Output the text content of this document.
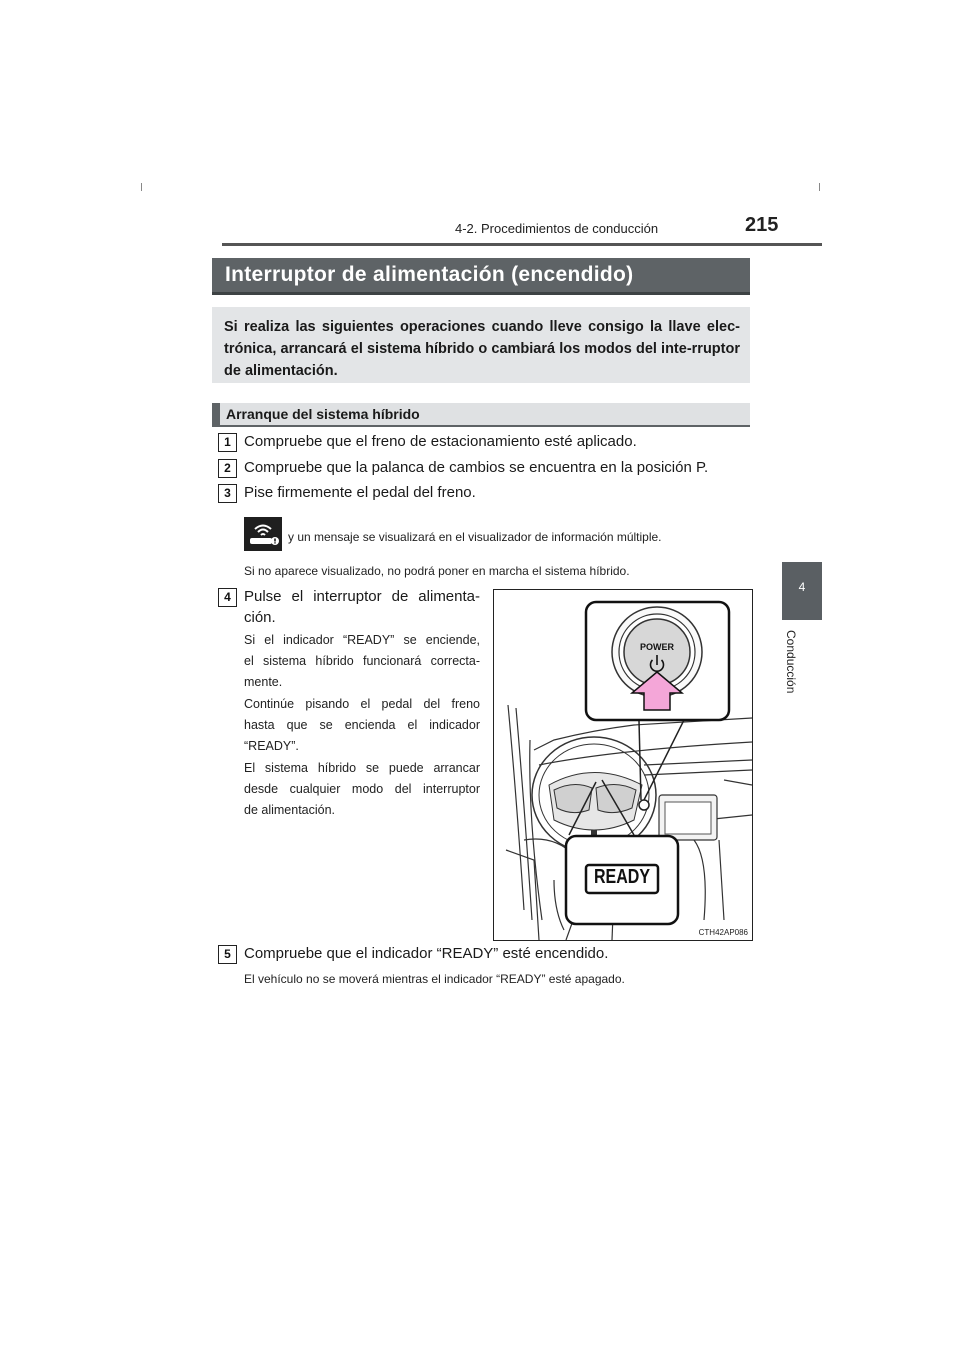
4-2. Procedimientos de conducción	215
4
Conducción
Interruptor de alimentación (encendido)

Si realiza las siguientes operaciones cuando lleve consigo la llave elec-trónica, arrancará el sistema híbrido o cambiará los modos del inte-rruptor de alimentación.

Arranque del sistema híbrido
1 Compruebe que el freno de estacionamiento esté aplicado.
2 Compruebe que la palanca de cambios se encuentra en la posición P.
3 Pise firmemente el pedal del freno.
y un mensaje se visualizará en el visualizador de información múltiple.
Si no aparece visualizado, no podrá poner en marcha el sistema híbrido.
4 Pulse el interruptor de alimenta-
ción.
Si el indicador “READY” se enciende,
el sistema híbrido funcionará correcta-
mente.
Continúe pisando el pedal del freno
hasta que se encienda el indicador
“READY”.
El sistema híbrido se puede arrancar
desde cualquier modo del interruptor
de alimentación.
POWER
READY
CTH42AP086
5 Compruebe que el indicador “READY” esté encendido.
El vehículo no se moverá mientras el indicador “READY” esté apagado.
